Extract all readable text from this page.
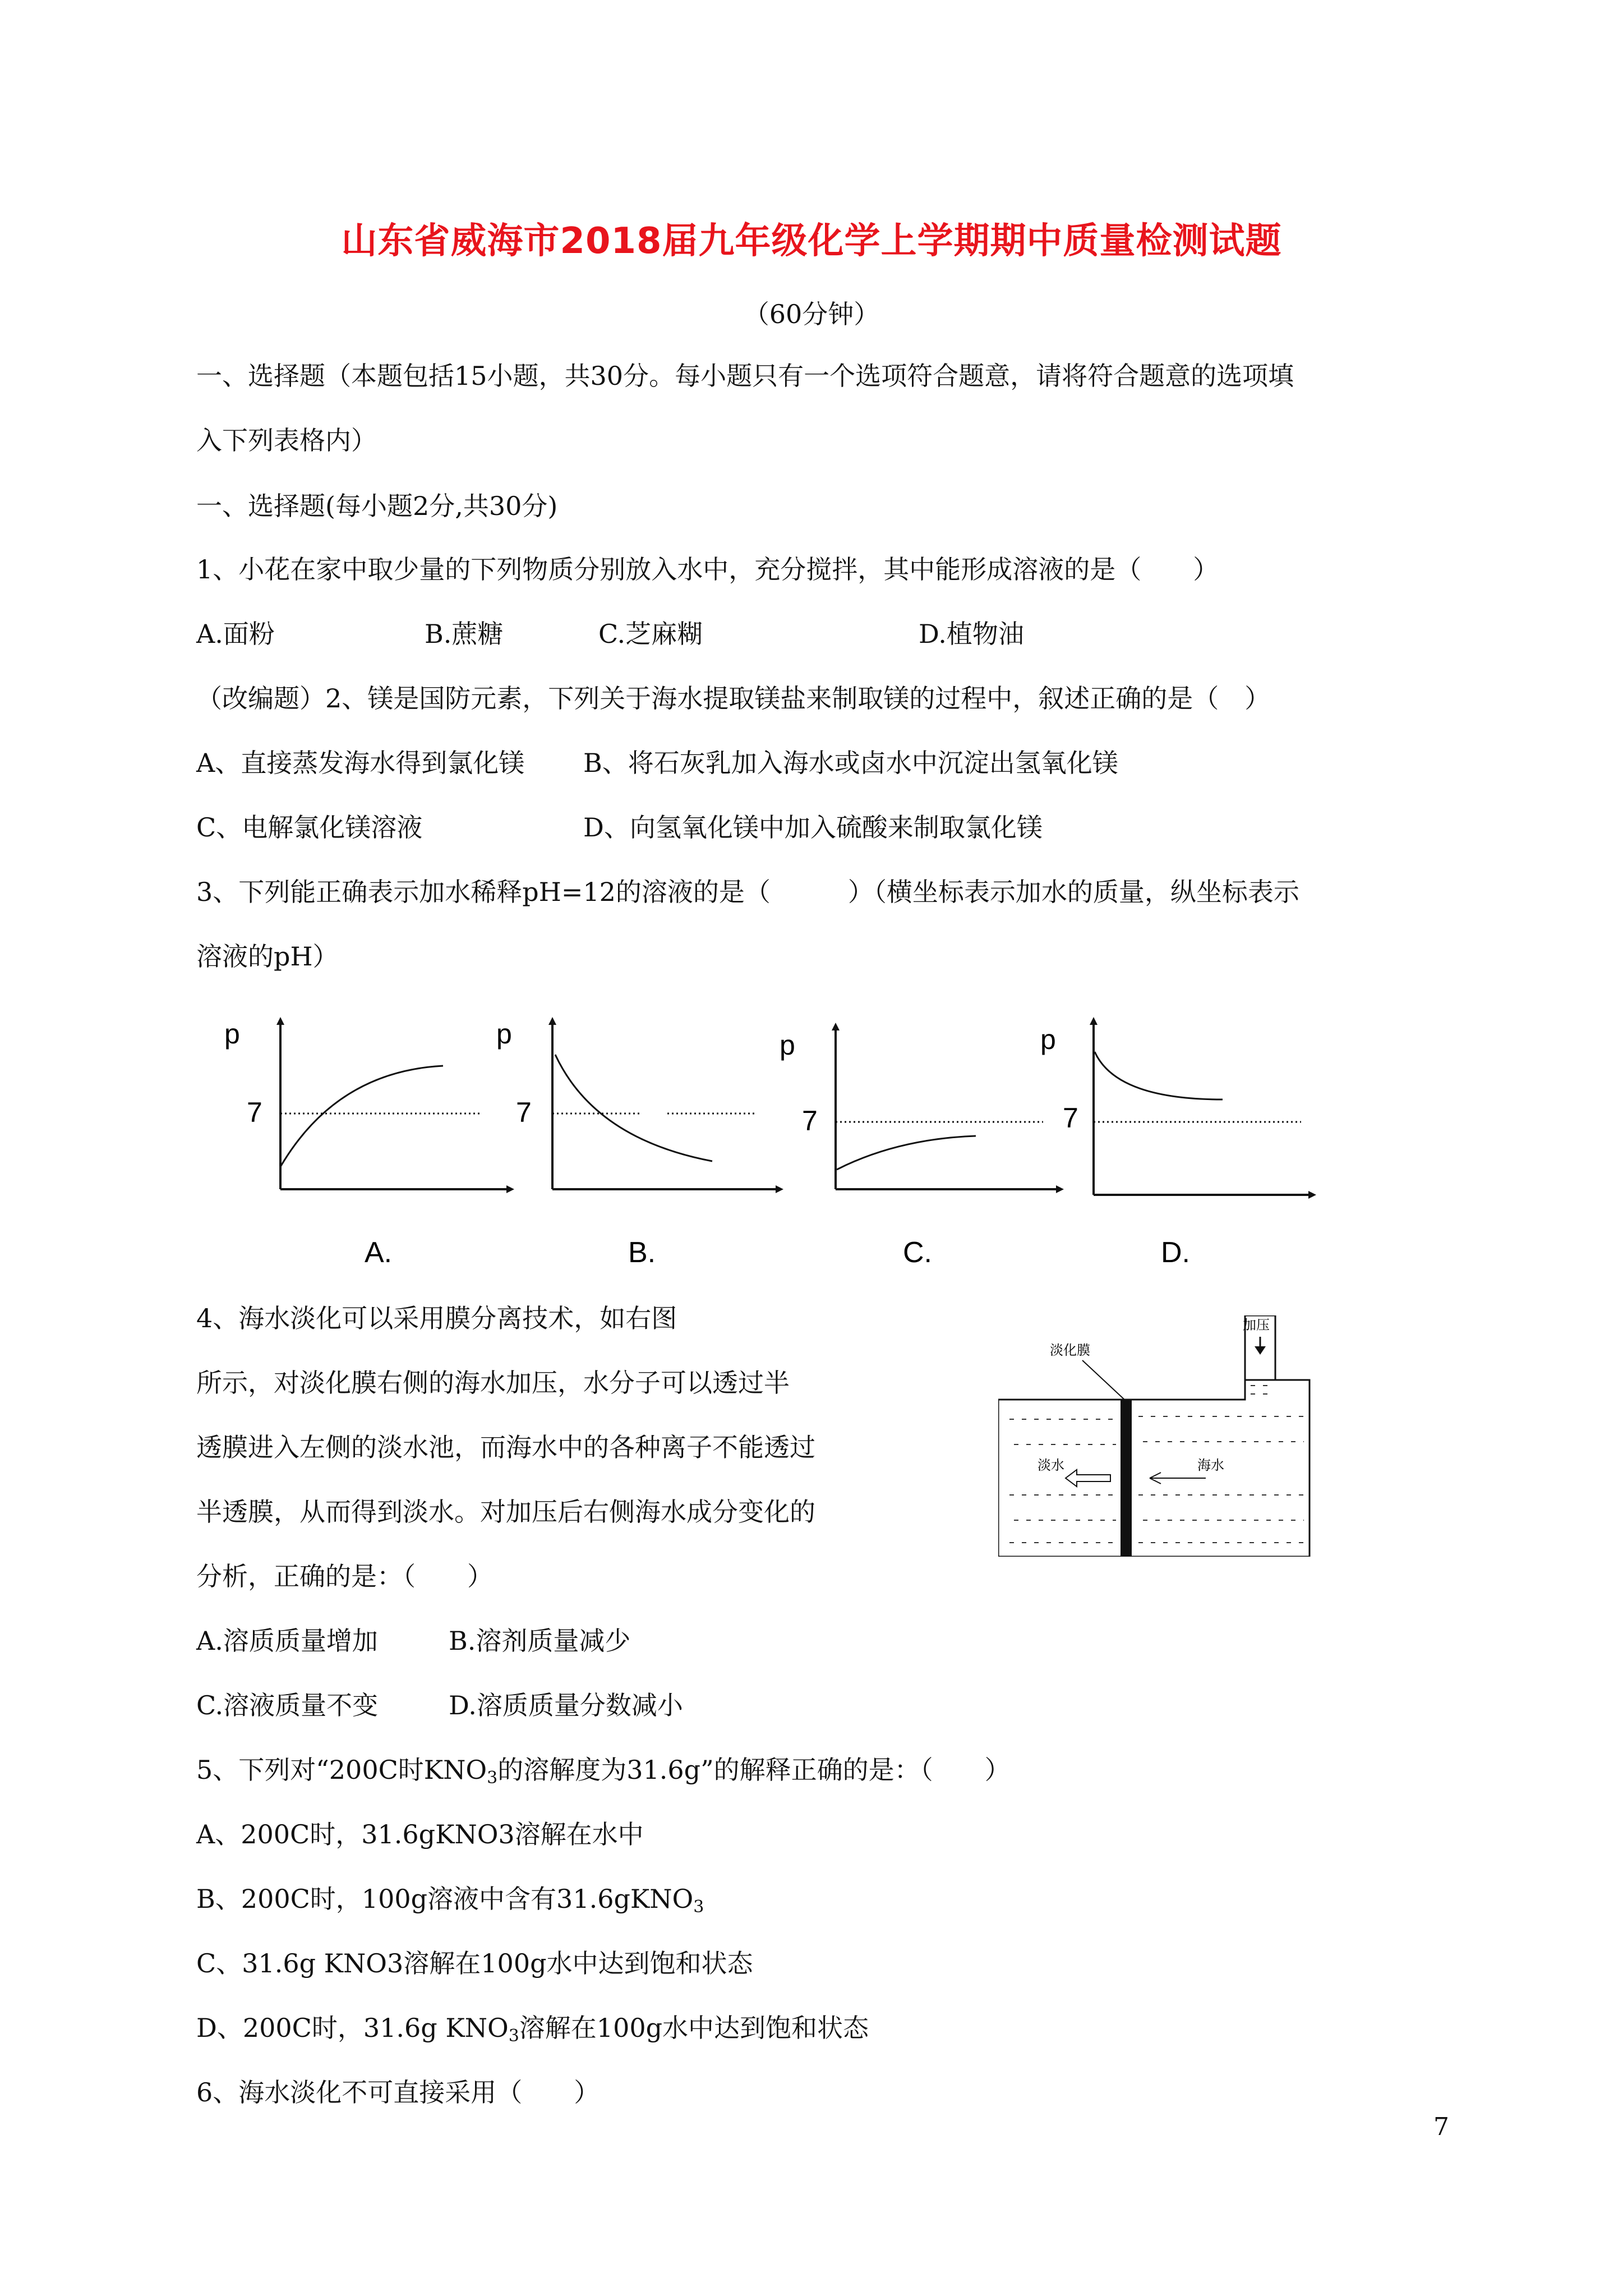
山东省威海市2018届九年级化学上学期期中质量检测试题
（60分钟）
一、选择题（本题包括15小题，共30分。每小题只有一个选项符合题意，请将符合题意的选项填
入下列表格内）
一、选择题(每小题2分,共30分)
1、小花在家中取少量的下列物质分别放入水中，充分搅拌，其中能形成溶液的是（　　）
A.面粉	B.蔗糖	C.芝麻糊	D.植物油
（改编题）2、镁是国防元素，下列关于海水提取镁盐来制取镁的过程中，叙述正确的是（　）
A、直接蒸发海水得到氯化镁 B、将石灰乳加入海水或卤水中沉淀出氢氧化镁
C、电解氯化镁溶液	D、向氢氧化镁中加入硫酸来制取氯化镁
3、下列能正确表示加水稀释pH=12的溶液的是（　　　）（横坐标表示加水的质量，纵坐标表示
溶液的pH）
p
7
A.
p
7
B.
p
7
C.
p
7
D.
4、海水淡化可以采用膜分离技术，如右图
所示，对淡化膜右侧的海水加压，水分子可以透过半
透膜进入左侧的淡水池，而海水中的各种离子不能透过
半透膜，从而得到淡水。对加压后右侧海水成分变化的
分析，正确的是：（　　）
加压
淡化膜
淡水	海水
A.溶质质量增加	B.溶剂质量减少
C.溶液质量不变	D.溶质质量分数减小
5、下列对“200C时$KNO_3$的溶解度为31.6g”的解释正确的是：（　　）
A、200C时，31.6gKNO3溶解在水中
B、200C时，100g溶液中含有31.6gKNO$_3$
C、31.6g KNO3溶解在100g水中达到饱和状态
D、200C时，31.6g $KNO_3$溶解在100g水中达到饱和状态
6、海水淡化不可直接采用（　　）
7
